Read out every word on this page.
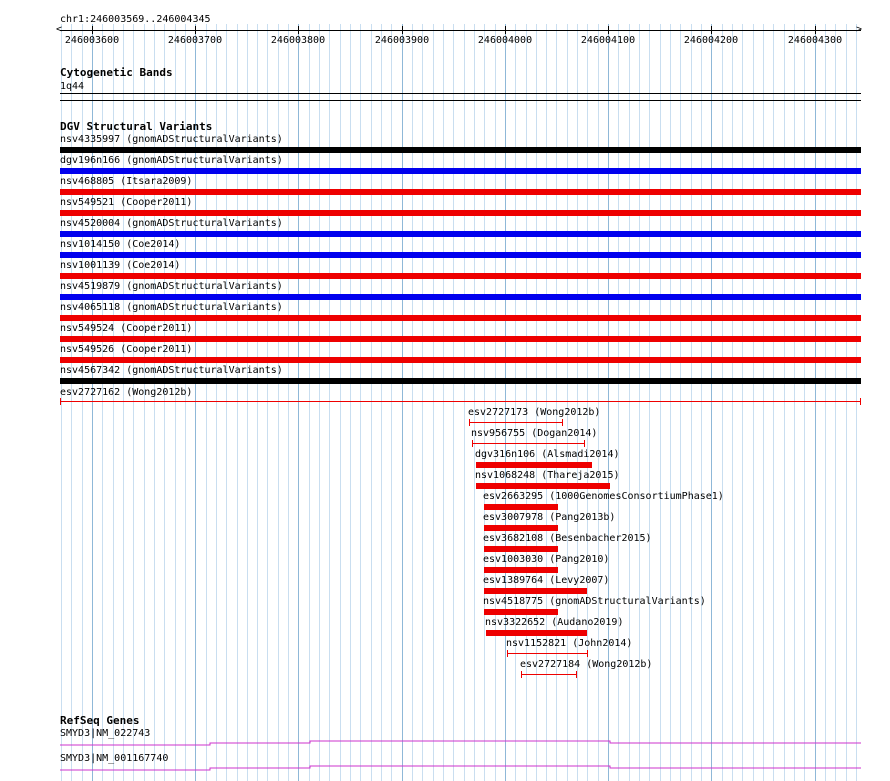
chr1:246003569..246004345
<	>
246003600	246003700	246003800	246003900	246004000	246004100	246004200	246004300
Cytogenetic Bands
1q44
DGV Structural Variants
nsv4335997 (gnomADStructuralVariants)
dgv196n166 (gnomADStructuralVariants)
nsv468805 (Itsara2009)
nsv549521 (Cooper2011)
nsv4520004 (gnomADStructuralVariants)
nsv1014150 (Coe2014)
nsv1001139 (Coe2014)
nsv4519879 (gnomADStructuralVariants)
nsv4065118 (gnomADStructuralVariants)
nsv549524 (Cooper2011)
nsv549526 (Cooper2011)
nsv4567342 (gnomADStructuralVariants)
esv2727162 (Wong2012b)
esv2727173 (Wong2012b)
nsv956755 (Dogan2014)
dgv316n106 (Alsmadi2014)
nsv1068248 (Thareja2015)
esv2663295 (1000GenomesConsortiumPhase1)
esv3007978 (Pang2013b)
esv3682108 (Besenbacher2015)
esv1003030 (Pang2010)
esv1389764 (Levy2007)
nsv4518775 (gnomADStructuralVariants)
nsv3322652 (Audano2019)
nsv1152821 (John2014)
esv2727184 (Wong2012b)
RefSeq Genes
SMYD3|NM_022743
SMYD3|NM_001167740
